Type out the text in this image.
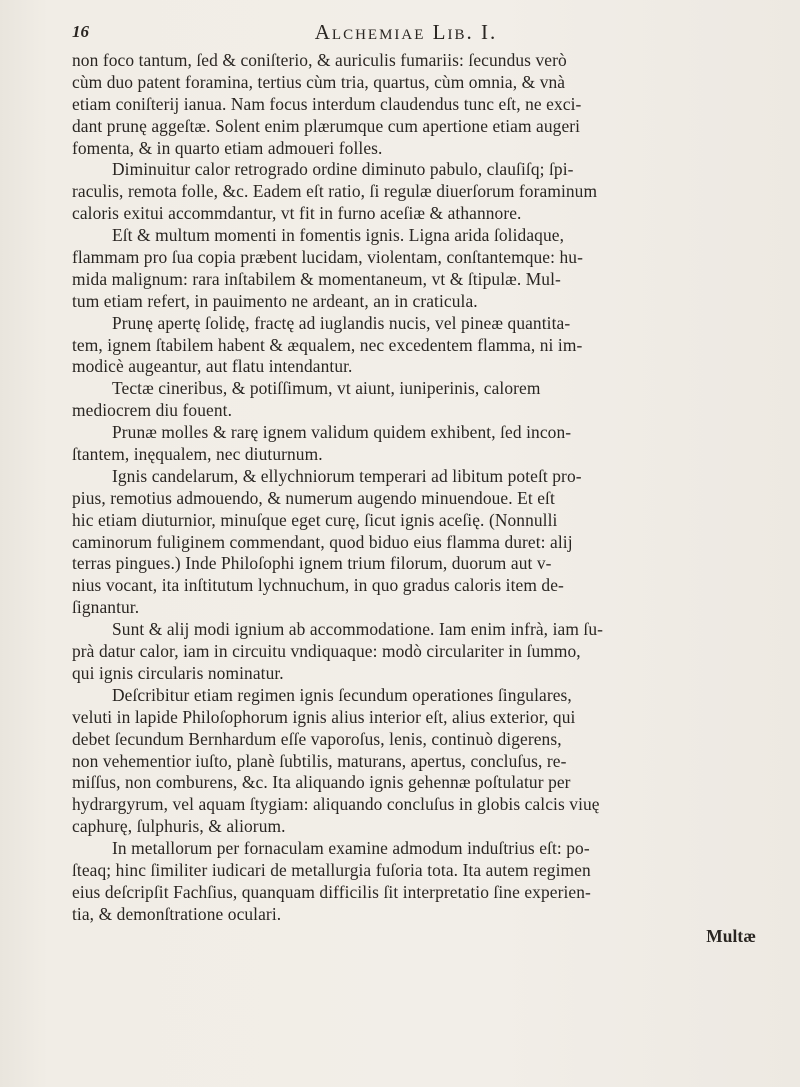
16	Alchemiae Lib. I.
non foco tantum, ſed & coniſterio, & auriculis fumariis: ſecundus verò
cùm duo patent foramina, tertius cùm tria, quartus, cùm omnia, & vnà
etiam coniſterij ianua. Nam focus interdum claudendus tunc eſt, ne exci-
dant prunę aggeſtæ. Solent enim plærumque cum apertione etiam augeri
fomenta, & in quarto etiam admoueri folles.
Diminuitur calor retrogrado ordine diminuto pabulo, clauſiſq; ſpi-
raculis, remota folle, &c. Eadem eſt ratio, ſi regulæ diuerſorum foraminum
caloris exitui accommdantur, vt fit in furno aceſiæ & athannore.
Eſt & multum momenti in fomentis ignis. Ligna arida ſolidaque,
flammam pro ſua copia præbent lucidam, violentam, conſtantemque: hu-
mida malignum: rara inſtabilem & momentaneum, vt & ſtipulæ. Mul-
tum etiam refert, in pauimento ne ardeant, an in craticula.
Prunę apertę ſolidę, fractę ad iuglandis nucis, vel pineæ quantita-
tem, ignem ſtabilem habent & æqualem, nec excedentem flamma, ni im-
modicè augeantur, aut flatu intendantur.
Tectæ cineribus, & potiſſimum, vt aiunt, iuniperinis, calorem
mediocrem diu fouent.
Prunæ molles & rarę ignem validum quidem exhibent, ſed incon-
ſtantem, inęqualem, nec diuturnum.
Ignis candelarum, & ellychniorum temperari ad libitum poteſt pro-
pius, remotius admouendo, & numerum augendo minuendoue. Et eſt
hic etiam diuturnior, minuſque eget curę, ſicut ignis aceſię. (Nonnulli
caminorum fuliginem commendant, quod biduo eius flamma duret: alij
terras pingues.) Inde Philoſophi ignem trium filorum, duorum aut v-
nius vocant, ita inſtitutum lychnuchum, in quo gradus caloris item de-
ſignantur.
Sunt & alij modi ignium ab accommodatione. Iam enim infrà, iam ſu-
prà datur calor, iam in circuitu vndiquaque: modò circulariter in ſummo,
qui ignis circularis nominatur.
Deſcribitur etiam regimen ignis ſecundum operationes ſingulares,
veluti in lapide Philoſophorum ignis alius interior eſt, alius exterior, qui
debet ſecundum Bernhardum eſſe vaporoſus, lenis, continuò digerens,
non vehementior iuſto, planè ſubtilis, maturans, apertus, concluſus, re-
miſſus, non comburens, &c. Ita aliquando ignis gehennæ poſtulatur per
hydrargyrum, vel aquam ſtygiam: aliquando concluſus in globis calcis viuę
caphurę, ſulphuris, & aliorum.
In metallorum per fornaculam examine admodum induſtrius eſt: po-
ſteaq; hinc ſimiliter iudicari de metallurgia fuſoria tota. Ita autem regimen
eius deſcripſit Fachſius, quanquam difficilis ſit interpretatio ſine experien-
tia, & demonſtratione oculari.
Multæ
